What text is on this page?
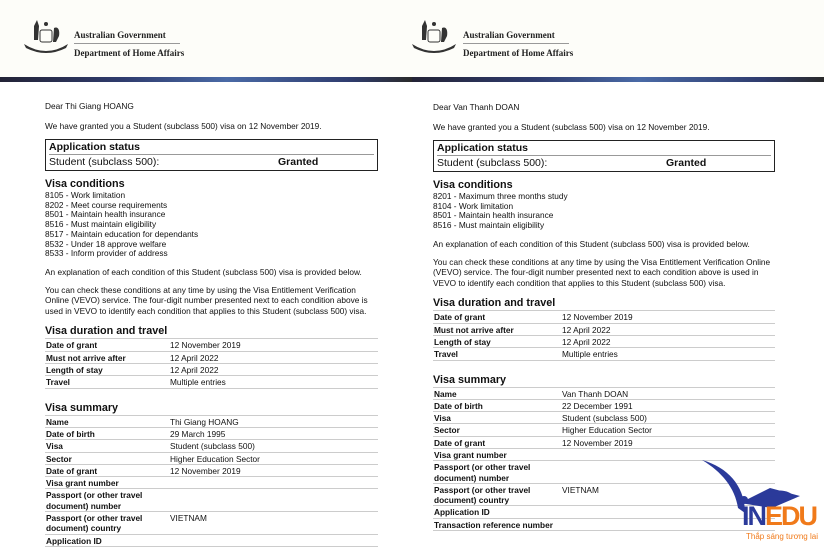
Australian Government
Department of Home Affairs

Dear Thi Giang HOANG

We have granted you a Student (subclass 500) visa on 12 November 2019.

Application status
Student (subclass 500):	Granted
Visa conditions
8105 - Work limitation
8202 - Meet course requirements
8501 - Maintain health insurance
8516 - Must maintain eligibility
8517 - Maintain education for dependants
8532 - Under 18 approve welfare
8533 - Inform provider of address

An explanation of each condition of this Student (subclass 500) visa is provided below.

You can check these conditions at any time by using the Visa Entitlement Verification Online (VEVO) service. The four-digit number presented next to each condition above is used in VEVO to identify each condition that applies to this Student (subclass 500) visa.

Visa duration and travel
Date of grant	12 November 2019
Must not arrive after	12 April 2022
Length of stay	12 April 2022
Travel	Multiple entries
Visa summary
Name	Thi Giang HOANG
Date of birth	29 March 1995
Visa	Student (subclass 500)
Sector	Higher Education Sector
Date of grant	12 November 2019
Visa grant number	
Passport (or other travel document) number	
Passport (or other travel document) country	VIETNAM
Application ID	
Australian Government
Department of Home Affairs

Dear Van Thanh DOAN

We have granted you a Student (subclass 500) visa on 12 November 2019.

Application status
Student (subclass 500):	Granted
Visa conditions
8201 - Maximum three months study
8104 - Work limitation
8501 - Maintain health insurance
8516 - Must maintain eligibility

An explanation of each condition of this Student (subclass 500) visa is provided below.

You can check these conditions at any time by using the Visa Entitlement Verification Online (VEVO) service. The four-digit number presented next to each condition above is used in VEVO to identify each condition that applies to this Student (subclass 500) visa.

Visa duration and travel
Date of grant	12 November 2019
Must not arrive after	12 April 2022
Length of stay	12 April 2022
Travel	Multiple entries
Visa summary
Name	Van Thanh DOAN
Date of birth	22 December 1991
Visa	Student (subclass 500)
Sector	Higher Education Sector
Date of grant	12 November 2019
Visa grant number	
Passport (or other travel document) number	
Passport (or other travel document) country	VIETNAM
Application ID	
Transaction reference number		INEDU
Thắp sáng tương lai
